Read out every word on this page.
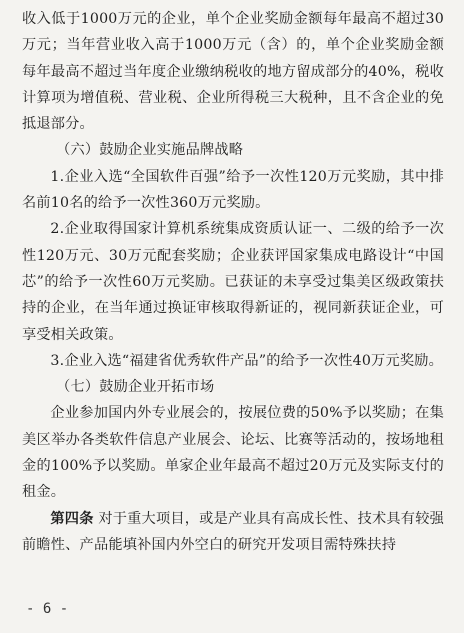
收入低于1000万元的企业，单个企业奖励金额每年最高不超过30万元；当年营业收入高于1000万元（含）的，单个企业奖励金额每年最高不超过当年度企业缴纳税收的地方留成部分的40%，税收计算项为增值税、营业税、企业所得税三大税种，且不含企业的免抵退部分。

（六）鼓励企业实施品牌战略

1.企业入选“全国软件百强”给予一次性120万元奖励，其中排名前10名的给予一次性360万元奖励。

2.企业取得国家计算机系统集成资质认证一、二级的给予一次性120万元、30万元配套奖励；企业获评国家集成电路设计“中国芯”的给予一次性60万元奖励。已获证的未享受过集美区级政策扶持的企业，在当年通过换证审核取得新证的，视同新获证企业，可享受相关政策。

3.企业入选“福建省优秀软件产品”的给予一次性40万元奖励。

（七）鼓励企业开拓市场

企业参加国内外专业展会的，按展位费的50%予以奖励；在集美区举办各类软件信息产业展会、论坛、比赛等活动的，按场地租金的100%予以奖励。单家企业年最高不超过20万元及实际支付的租金。

第四条 对于重大项目，或是产业具有高成长性、技术具有较强前瞻性、产品能填补国内外空白的研究开发项目需特殊扶持

- 6 -
